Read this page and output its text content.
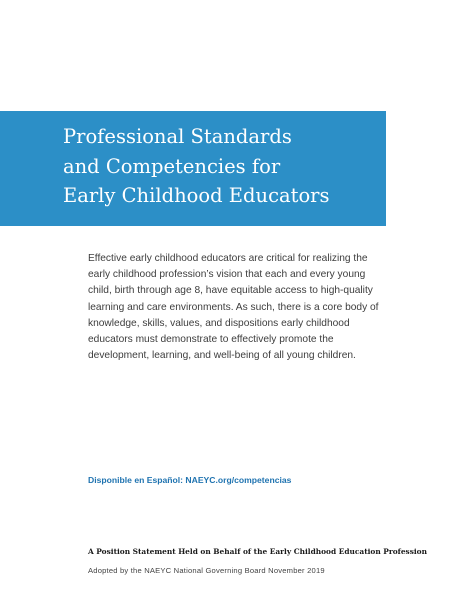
Professional Standards
and Competencies for
Early Childhood Educators

Effective early childhood educators are critical for realizing the early childhood profession’s vision that each and every young child, birth through age 8, have equitable access to high-quality learning and care environments. As such, there is a core body of knowledge, skills, values, and dispositions early childhood educators must demonstrate to effectively promote the development, learning, and well-being of all young children.

Disponible en Español: NAEYC.org/competencias

A Position Statement Held on Behalf of the Early Childhood Education Profession

Adopted by the NAEYC National Governing Board November 2019
